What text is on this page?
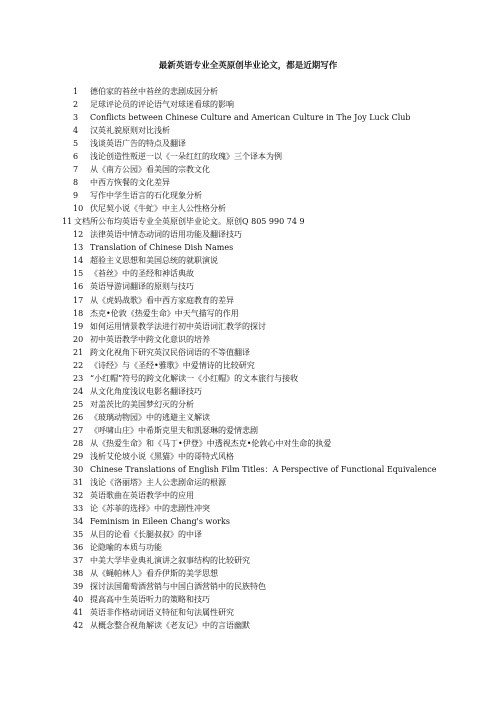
最新英语专业全英原创毕业论文，都是近期写作
1 德伯家的苔丝中苔丝的悲剧成因分析
2 足球评论员的评论语气对球迷看球的影响
3 Conflicts between Chinese Culture and American Culture in The Joy Luck Club
4 汉英礼貌原则对比浅析
5 浅谈英语广告的特点及翻译
6 浅论创造性叛逆一以《一朵红红的玫瑰》三个译本为例
7 从《南方公园》看美国的宗教文化
8 中西方恢餐的文化差异
9 写作中学生语言的石化现象分析
10 伏尼契小说《牛虻》中主人公性格分析
11 文档所公布均英语专业全英原创毕业论文。原创Q 805 990 74 9
12 法律英语中情态动词的语用功能及翻译技巧
13 Translation of Chinese Dish Names
14 超验主义思想和美国总统的就职演说
15 《苔丝》中的圣经和神话典故
16 英语导游词翻译的原则与技巧
17 从《虎妈战歌》看中西方家庭教育的差异
18 杰克•伦敦《热爱生命》中天气描写的作用
19 如何运用情景教学法进行初中英语词汇教学的探讨
20 初中英语教学中跨文化意识的培养
21 跨文化视角下研究英汉民俗词语的不等值翻译
22 《诗经》与《圣经•雅歌》中爱情诗的比较研究
23 “小红帽”符号的跨文化解读一《小红帽》的文本旅行与接收
24 从文化角度浅议电影名翻译技巧
25 对盖茨比的美国梦幻灭的分析
26 《玻璃动物园》中的逃避主义解读
27 《呼啸山庄》中希斯克里夫和凯瑟琳的爱情悲剧
28 从《热爱生命》和《马丁•伊登》中透视杰克•伦敦心中对生命的执爱
29 浅析艾伦坡小说《黑猫》中的哥特式风格
30 Chinese Translations of English Film Titles：A Perspective of Functional Equivalence
31 浅论《洛丽塔》主人公悲剧命运的根源
32 英语歌曲在英语教学中的应用
33 论《苏菲的选择》中的悲剧性冲突
34 Feminism in Eileen Chang's works
35 从目的论看《长腿叔叔》的中译
36 论隐喻的本质与功能
37 中美大学毕业典礼演讲之叙事结构的比较研究
38 从《蝇帕林人》看乔伊斯的美学思想
39 探讨法国葡萄酒营销与中国白酒营销中的民族特色
40 提高高中生英语听力的策略和技巧
41 英语非作格动词语义特征和句法属性研究
42 从概念整合视角解读《老友记》中的言语幽默
